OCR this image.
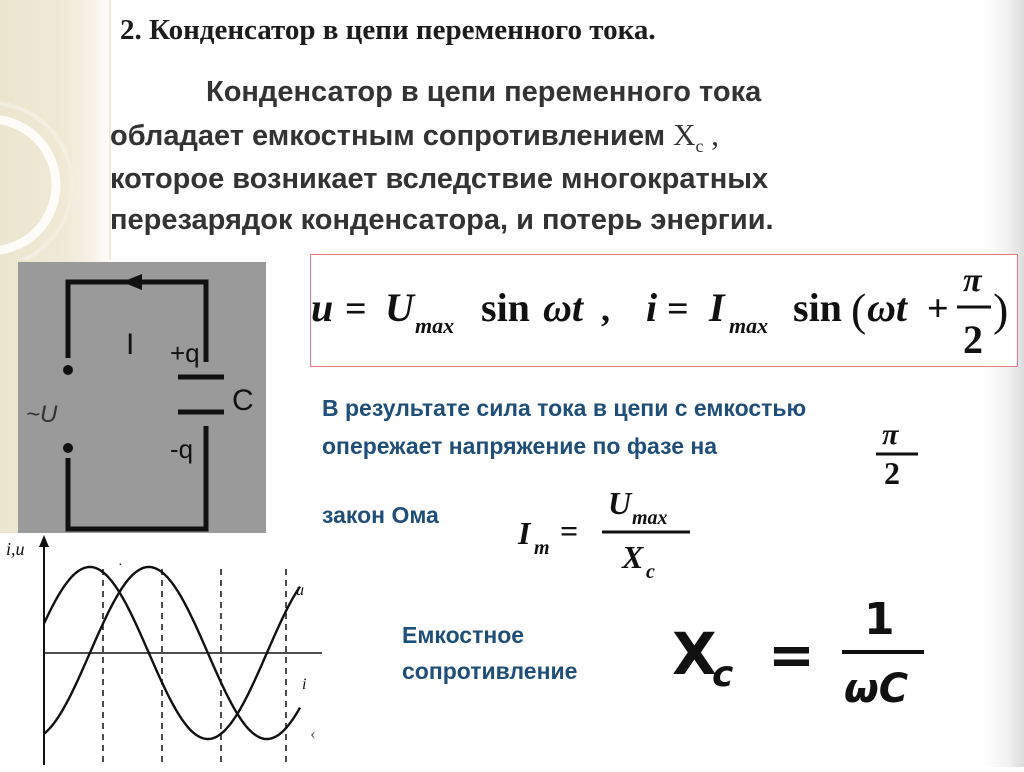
2. Конденсатор в цепи переменного тока.

Конденсатор в цепи переменного тока
обладает емкостным сопротивлением $X_c$ ,
которое возникает вследствие многократных
перезарядок конденсатора, и потерь энергии.

I +q
-q
C
~U
i,u
u
i
·
‹
u = U max sin ωt , i = I max sin ( ωt +
π
2
)

В результате сила тока в цепи с емкостью
опережает напряжение по фазе на	π
2

закон Ома I m =
U max
X c

Емкостное
сопротивление	X
c =
1
ωC
